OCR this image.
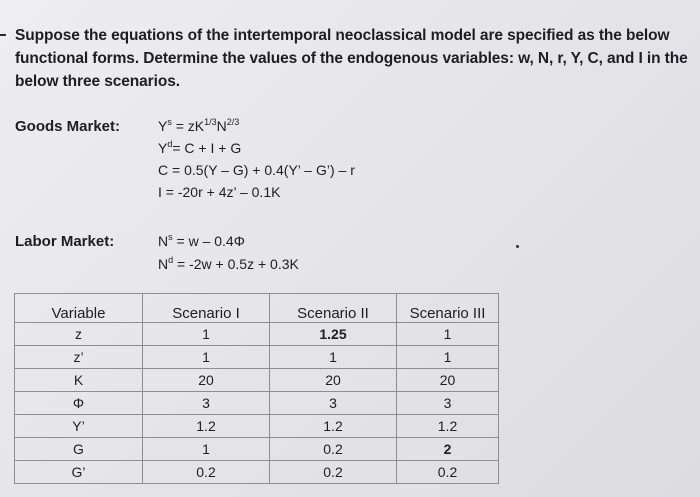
Suppose the equations of the intertemporal neoclassical model are specified as the below functional forms. Determine the values of the endogenous variables: w, N, r, Y, C, and I in the below three scenarios.
Goods Market:	$Y^s = zK^{1/3}N^{2/3}$
$Y^d= C + I + G$
C = 0.5(Y – G) + 0.4(Y’ – G’) – r
I = -20r + 4z’ – 0.1K
Labor Market:	$N^s = w - 0.4\Phi$
$N^d = -2w + 0.5z + 0.3K$
Variable	Scenario I	Scenario II	Scenario III
z	1	1.25	1
z’	1	1	1
K	20	20	20
Φ	3	3	3
Y’	1.2	1.2	1.2
G	1	0.2	2
G’	0.2	0.2	0.2
